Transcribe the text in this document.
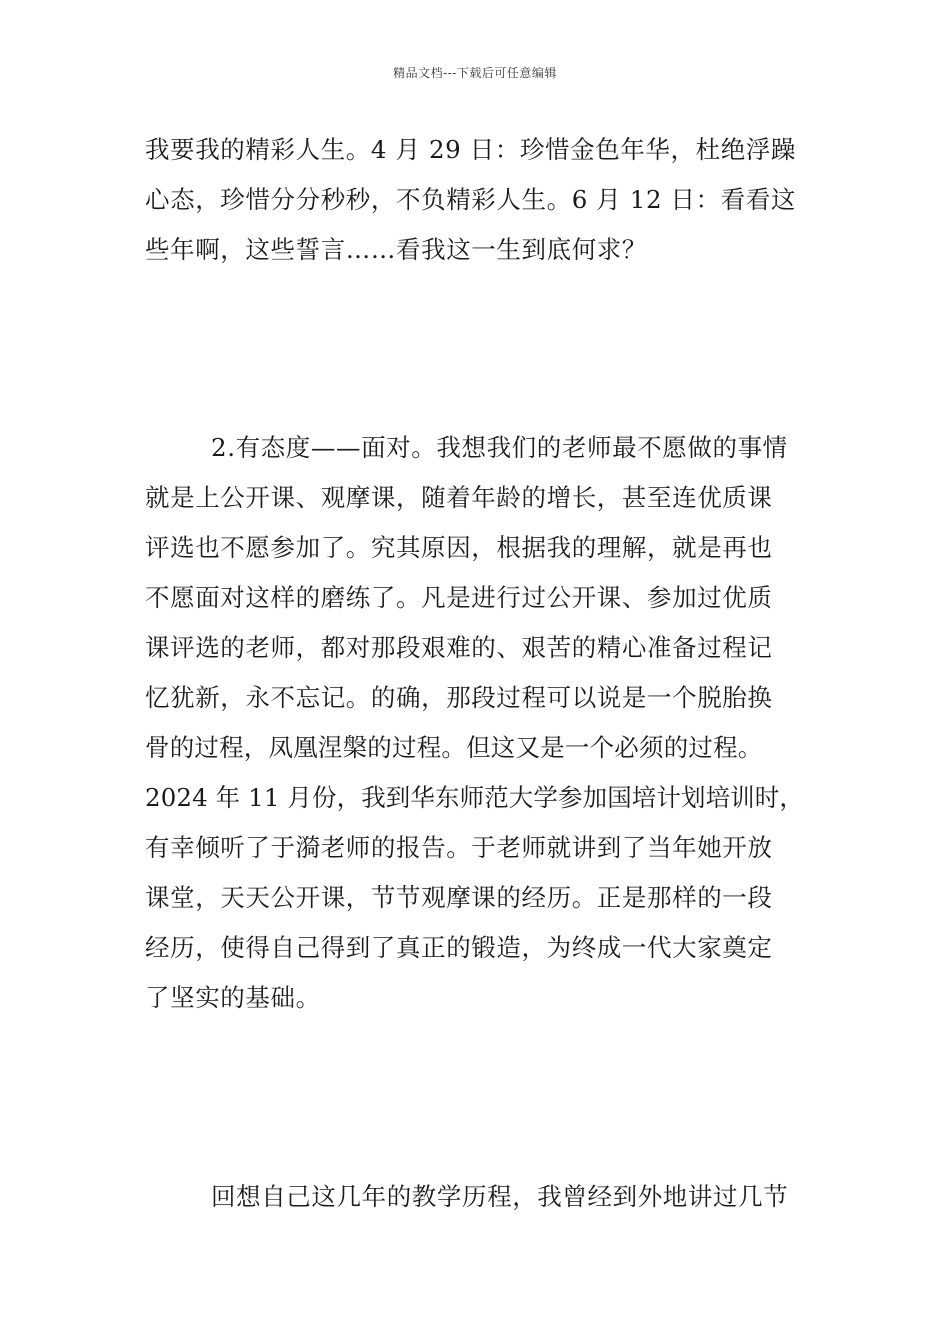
精品文档---下载后可任意编辑
我要我的精彩人生。4 月 29 日：珍惜金色年华，杜绝浮躁
心态，珍惜分分秒秒，不负精彩人生。6 月 12 日：看看这
些年啊，这些誓言……看我这一生到底何求？
2.有态度——面对。我想我们的老师最不愿做的事情
就是上公开课、观摩课，随着年龄的增长，甚至连优质课
评选也不愿参加了。究其原因，根据我的理解，就是再也
不愿面对这样的磨练了。凡是进行过公开课、参加过优质
课评选的老师，都对那段艰难的、艰苦的精心准备过程记
忆犹新，永不忘记。的确，那段过程可以说是一个脱胎换
骨的过程，凤凰涅槃的过程。但这又是一个必须的过程。
2024 年 11 月份，我到华东师范大学参加国培计划培训时，
有幸倾听了于漪老师的报告。于老师就讲到了当年她开放
课堂，天天公开课，节节观摩课的经历。正是那样的一段
经历，使得自己得到了真正的锻造，为终成一代大家奠定
了坚实的基础。
回想自己这几年的教学历程，我曾经到外地讲过几节
